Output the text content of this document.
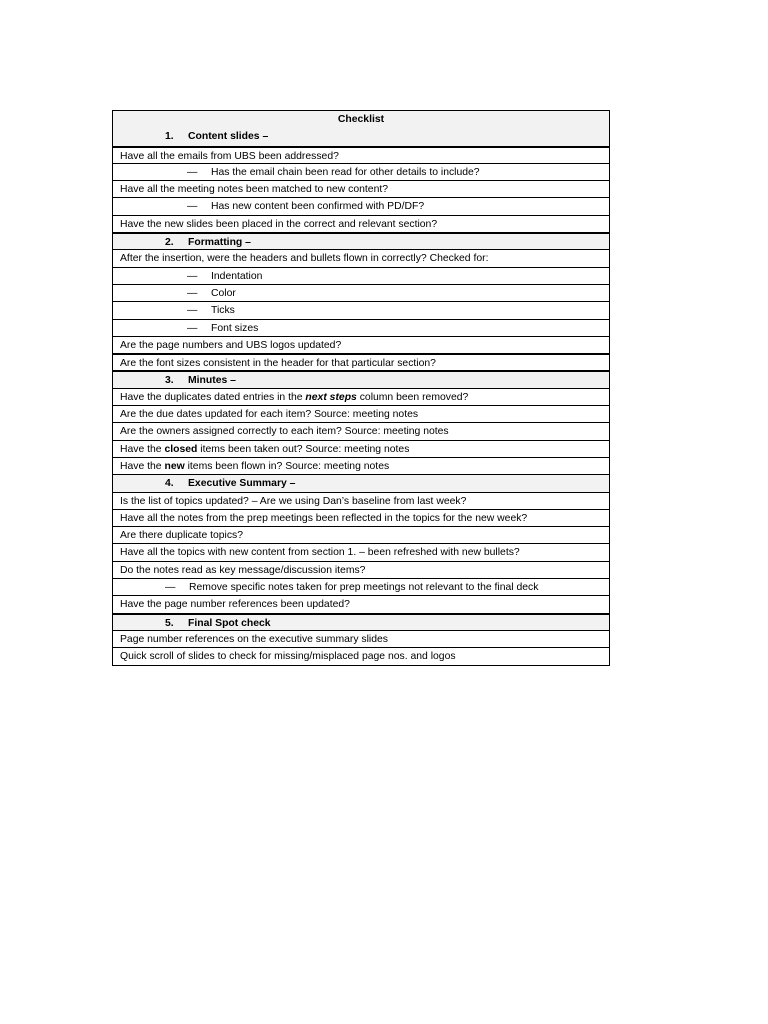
Checklist
1. Content slides –
Have all the emails from UBS been addressed?
— Has the email chain been read for other details to include?
Have all the meeting notes been matched to new content?
— Has new content been confirmed with PD/DF?
Have the new slides been placed in the correct and relevant section?
2. Formatting –
After the insertion, were the headers and bullets flown in correctly? Checked for:
— Indentation
— Color
— Ticks
— Font sizes
Are the page numbers and UBS logos updated?
Are the font sizes consistent in the header for that particular section?
3. Minutes –
Have the duplicates dated entries in the next steps column been removed?
Are the due dates updated for each item? Source: meeting notes
Are the owners assigned correctly to each item? Source: meeting notes
Have the closed items been taken out? Source: meeting notes
Have the new items been flown in? Source: meeting notes
4. Executive Summary –
Is the list of topics updated? – Are we using Dan’s baseline from last week?
Have all the notes from the prep meetings been reflected in the topics for the new week?
Are there duplicate topics?
Have all the topics with new content from section 1. – been refreshed with new bullets?
Do the notes read as key message/discussion items?
— Remove specific notes taken for prep meetings not relevant to the final deck
Have the page number references been updated?
5. Final Spot check
Page number references on the executive summary slides
Quick scroll of slides to check for missing/misplaced page nos. and logos
